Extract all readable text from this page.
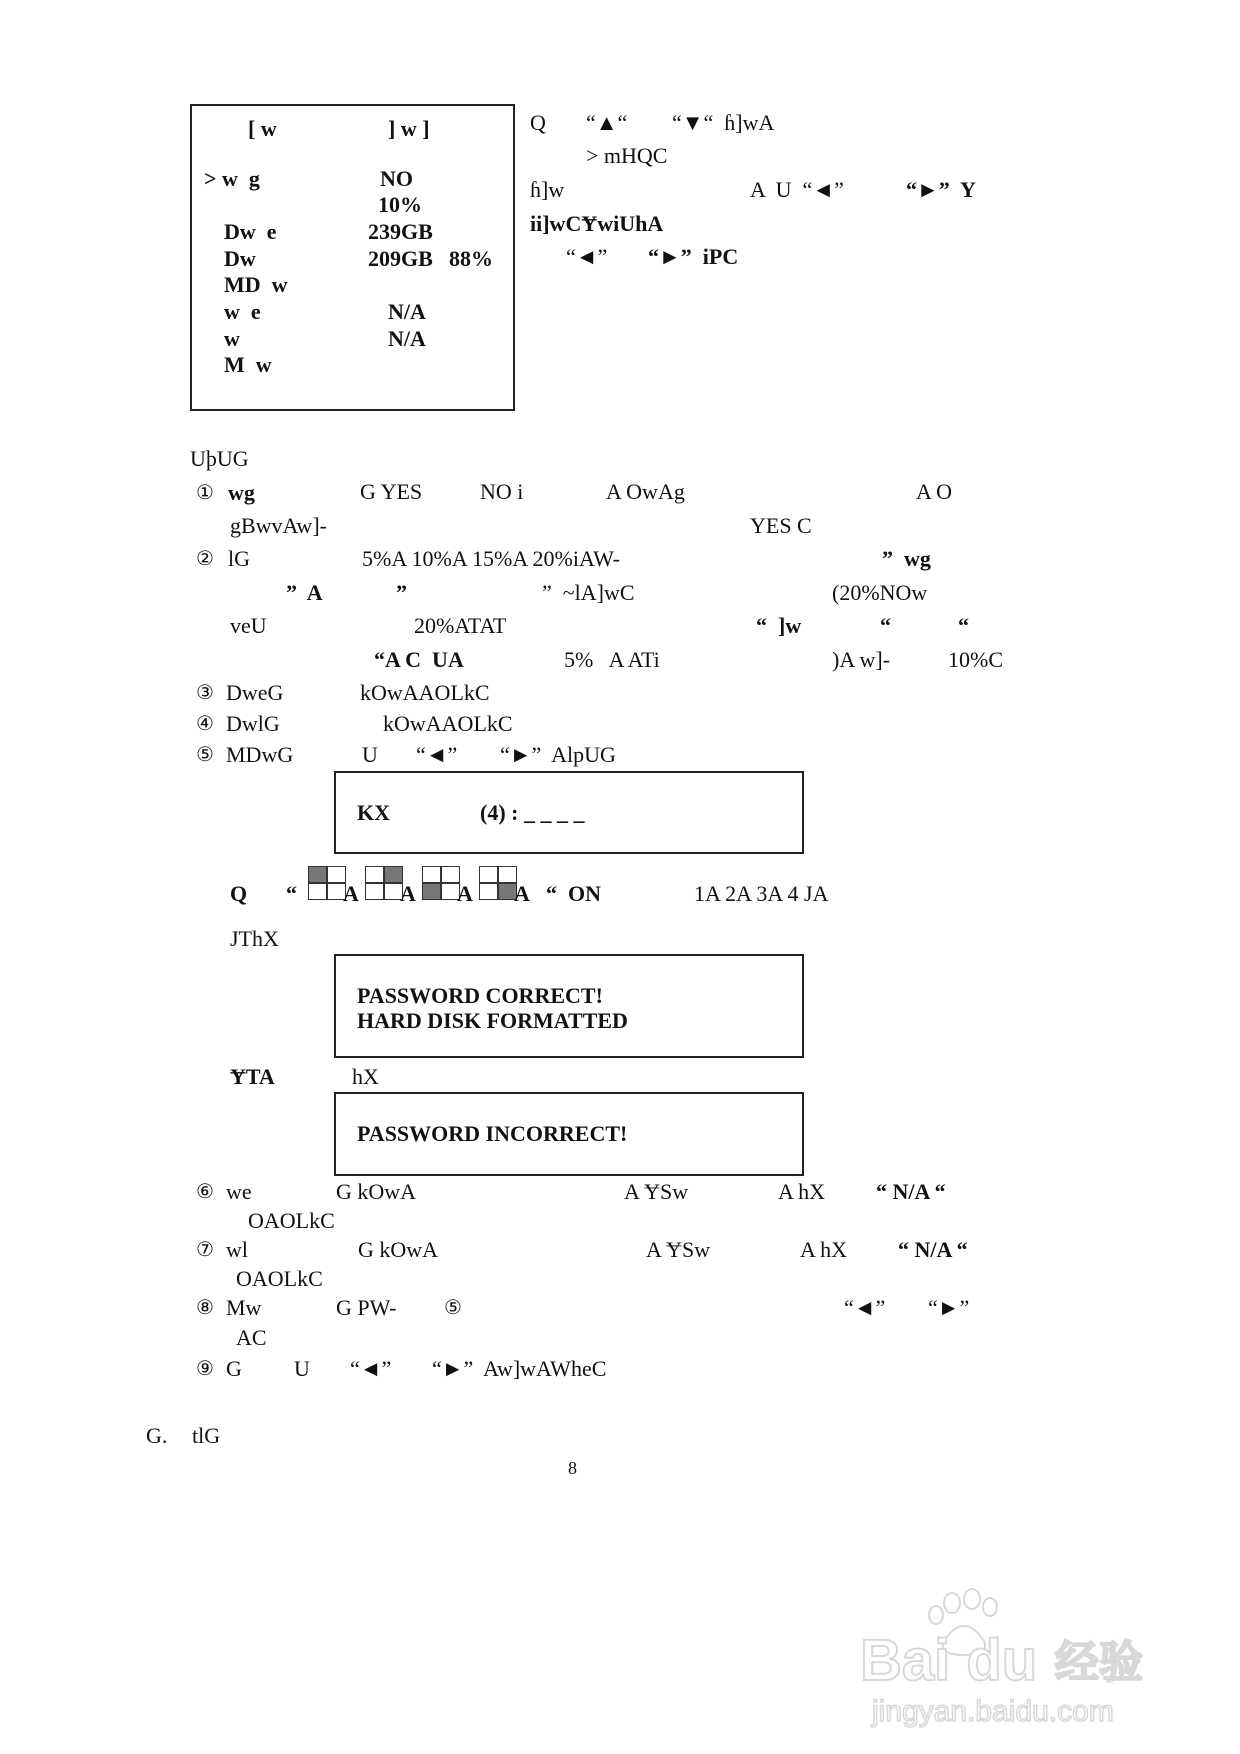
[ w	] w ]
> w  g	NO
10%
Dw  e	239GB
Dw	209GB 88%
MD  w
w  e	N/A
w	N/A
M  w
Q “▲“ “▼“  ɦ]wA
> mHQC
ɦ]w	A  U  “◄”	“►”  Y
ii]wCɎwiUhA
“◄” “►”  iPC
UþUG
① wg	G YES	NO i	A OwAg	A O
gBwvAw]-	YES C
② lG	5%A 10%A 15%A 20%iAW-	”  wg
”  A	”	”  ~lA]wC	(20%NOw
veU	20%ATAT	“  ]w	“	“
“A C  UA	5%   A ATi	)A w]-	10%C
③ DweG	kOwAAOLkC
④ DwlG	kOwAAOLkC
⑤ MDwG	U “◄” “►”  AlpUG
KX	(4) : _ _ _ _
Q “ A A A A “  ON	1A 2A 3A 4 JA
JThX
PASSWORD CORRECT!
HARD DISK FORMATTED
ɎTA	hX
PASSWORD INCORRECT!
⑥ we	G kOwA	A ɎSw	A hX “ N/A “
OAOLkC
⑦ wl	G kOwA	A ɎSw	A hX “ N/A “
OAOLkC
⑧ Mw	G PW- ⑤	“◄” “►”
AC
⑨ G U “◄” “►”  Aw]wAWheC
G. tlG
8
Bai du 经验
jingyan.baidu.com
